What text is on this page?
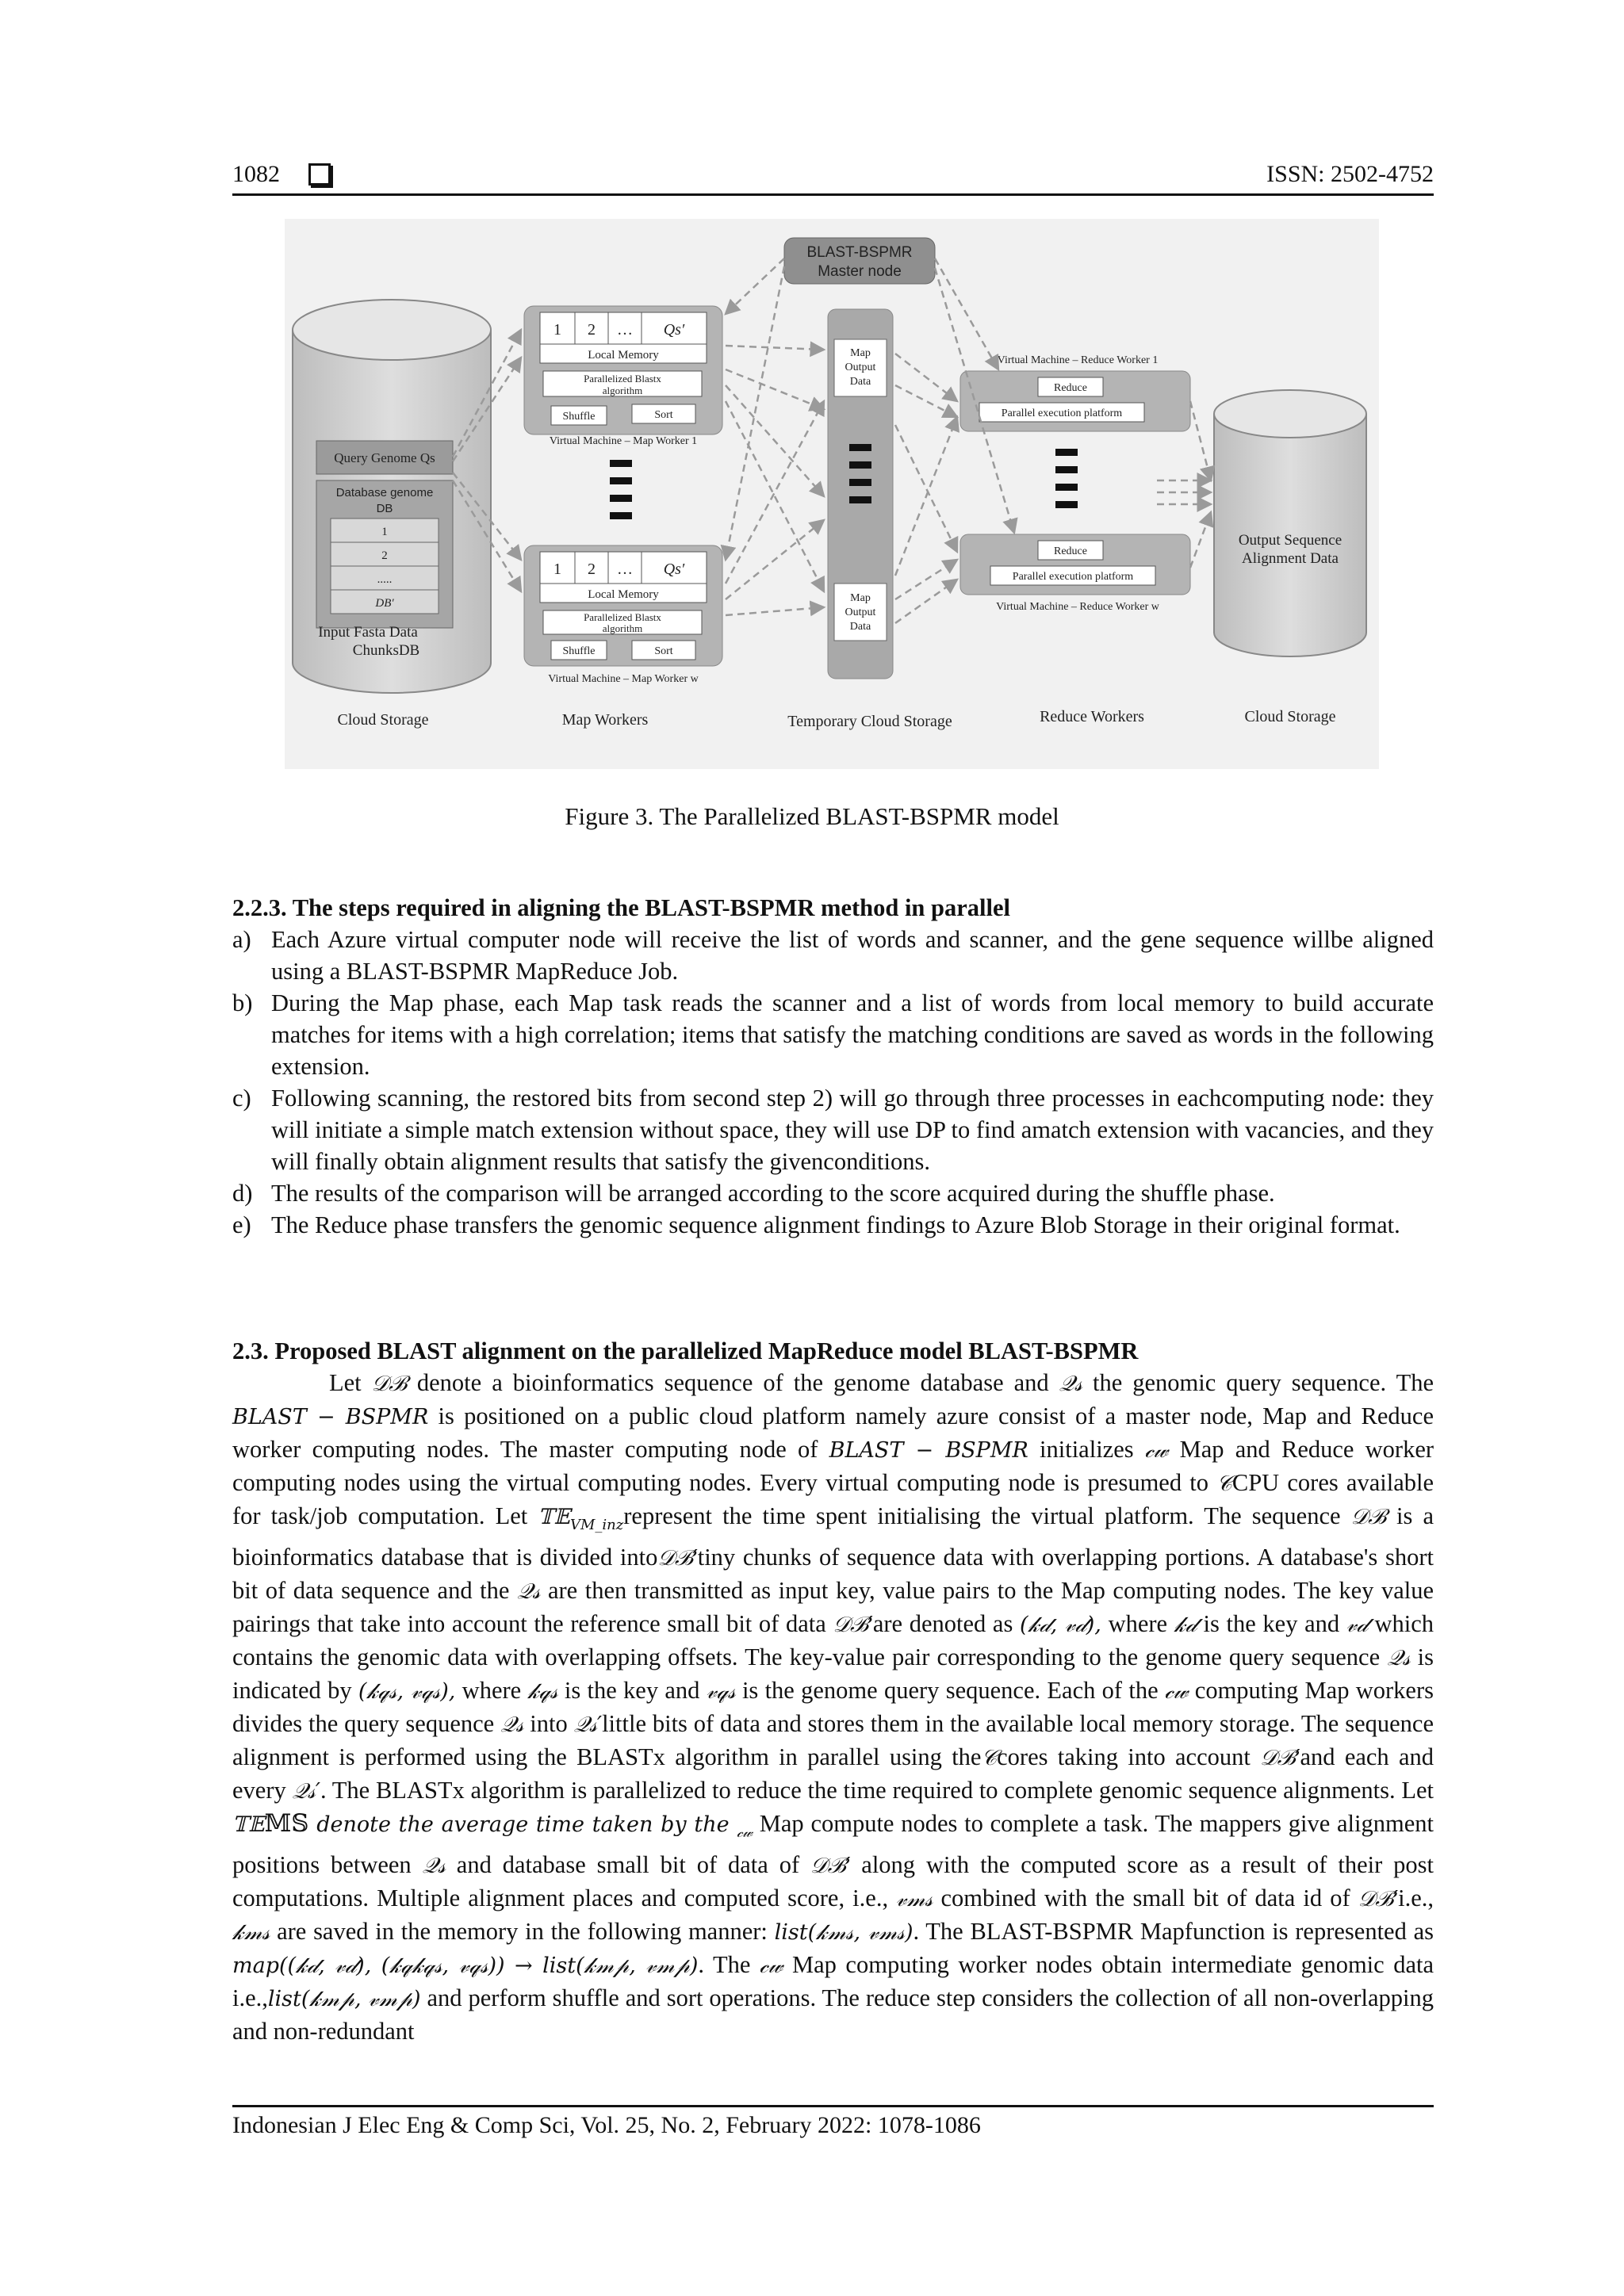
1082	ISSN: 2502-4752
BLAST-BSPMR
Master node
Query Genome Qs
Database genome
DB
1
2
.....
DB′
Input Fasta Data
ChunksDB
1 2 … Qs′
Local Memory
Parallelized Blastx
algorithm
Shuffle	Sort
Virtual Machine – Map Worker 1
1 2 … Qs′
Local Memory
Parallelized Blastx
algorithm
Shuffle	Sort
Virtual Machine – Map Worker w
Map
Output
Data
Map
Output
Data
Virtual Machine – Reduce Worker 1
Reduce
Parallel execution platform
Reduce
Parallel execution platform
Virtual Machine – Reduce Worker w
Output Sequence
Alignment Data
Cloud Storage	Map Workers	Temporary Cloud Storage	Reduce Workers	Cloud Storage
Figure 3. The Parallelized BLAST-BSPMR model
2.2.3. The steps required in aligning the BLAST-BSPMR method in parallel
a) Each Azure virtual computer node will receive the list of words and scanner, and the gene sequence willbe aligned using a BLAST-BSPMR MapReduce Job.
b) During the Map phase, each Map task reads the scanner and a list of words from local memory to build accurate matches for items with a high correlation; items that satisfy the matching conditions are saved as words in the following extension.
c) Following scanning, the restored bits from second step 2) will go through three processes in eachcomputing node: they will initiate a simple match extension without space, they will use DP to find amatch extension with vacancies, and they will finally obtain alignment results that satisfy the givenconditions.
d) The results of the comparison will be arranged according to the score acquired during the shuffle phase.
e) The Reduce phase transfers the genomic sequence alignment findings to Azure Blob Storage in their original format.
2.3. Proposed BLAST alignment on the parallelized MapReduce model BLAST-BSPMR

Let 𝒟ℬ denote a bioinformatics sequence of the genome database and 𝒬𝓈 the genomic query sequence. The BLAST − BSPMR is positioned on a public cloud platform namely azure consist of a master node, Map and Reduce worker computing nodes. The master computing node of BLAST − BSPMR initializes 𝒸𝓌 Map and Reduce worker computing nodes using the virtual computing nodes. Every virtual computing node is presumed to 𝒞CPU cores available for task/job computation. Let 𝕋𝔼$_{VM\_inz}$represent the time spent initialising the virtual platform. The sequence 𝒟ℬ is a bioinformatics database that is divided into𝒟ℬ′tiny chunks of sequence data with overlapping portions. A database's short bit of data sequence and the 𝒬𝓈 are then transmitted as input key, value pairs to the Map computing nodes. The key value pairings that take into account the reference small bit of data 𝒟ℬ′are denoted as (𝓀𝒹, 𝓋𝒹), where 𝓀𝒹 is the key and 𝓋𝒹 which contains the genomic data with overlapping offsets. The key-value pair corresponding to the genome query sequence 𝒬𝓈 is indicated by (𝓀𝓆𝓈, 𝓋𝓆𝓈), where 𝓀𝓆𝓈 is the key and 𝓋𝓆𝓈 is the genome query sequence. Each of the 𝒸𝓌 computing Map workers divides the query sequence 𝒬𝓈 into 𝒬𝓈′little bits of data and stores them in the available local memory storage. The sequence alignment is performed using the BLASTx algorithm in parallel using the𝒞cores taking into account 𝒟ℬ′and each and every 𝒬𝓈′. The BLASTx algorithm is parallelized to reduce the time required to complete genomic sequence alignments. Let 𝕋𝔼𝕄𝕊 denote the average time taken by the $_{𝒸𝓌}$ Map compute nodes to complete a task. The mappers give alignment positions between 𝒬𝓈 and database small bit of data of 𝒟ℬ′ along with the computed score as a result of their post computations. Multiple alignment places and computed score, i.e., 𝓋𝓂𝓈 combined with the small bit of data id of 𝒟ℬ′i.e., 𝓀𝓂𝓈 are saved in the memory in the following manner: list(𝓀𝓂𝓈, 𝓋𝓂𝓈). The BLAST-BSPMR Mapfunction is represented as map((𝓀𝒹, 𝓋𝒹), (𝓀𝓆𝓀𝓆𝓈, 𝓋𝓆𝓈)) → list(𝓀𝓂𝓅, 𝓋𝓂𝓅). The 𝒸𝓌 Map computing worker nodes obtain intermediate genomic data i.e.,list(𝓀𝓂𝓅, 𝓋𝓂𝓅) and perform shuffle and sort operations. The reduce step considers the collection of all non-overlapping and non-redundant

Indonesian J Elec Eng & Comp Sci, Vol. 25, No. 2, February 2022: 1078-1086
